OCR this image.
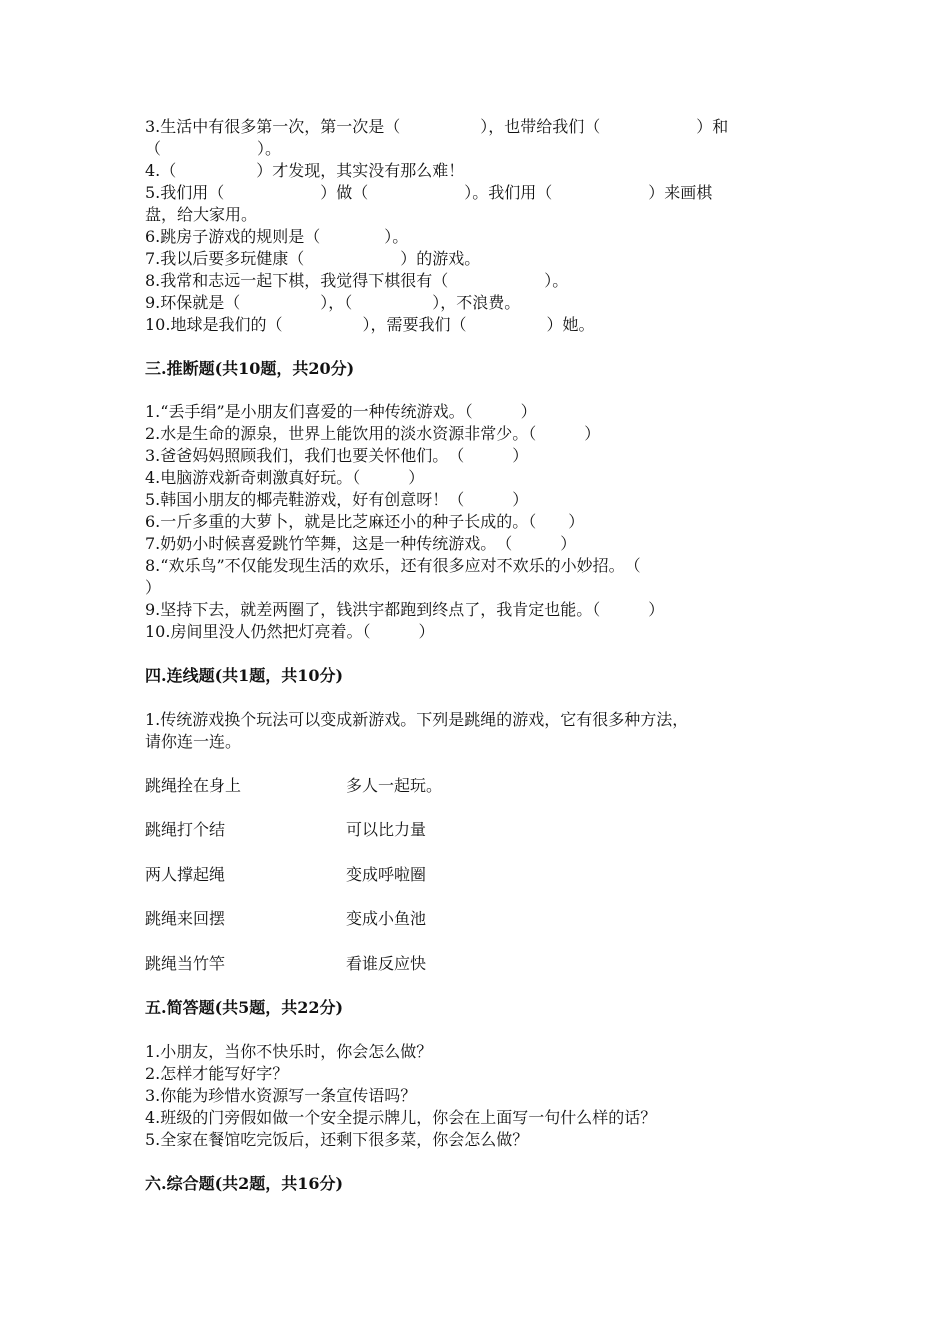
3.生活中有很多第一次，第一次是（　　　　　），也带给我们（　　　　　　）和
（　　　　　　）。
4.（　　　　　）才发现，其实没有那么难！
5.我们用（　　　　　　）做（　　　　　　）。我们用（　　　　　　）来画棋
盘，给大家用。
6.跳房子游戏的规则是（　　　　）。
7.我以后要多玩健康（　　　　　　）的游戏。
8.我常和志远一起下棋，我觉得下棋很有（　　　　　　）。
9.环保就是（　　　　　），（　　　　　），不浪费。
10.地球是我们的（　　　　　），需要我们（　　　　　）她。
三.推断题(共10题，共20分)
1.“丢手绢”是小朋友们喜爱的一种传统游戏。（　　　）
2.水是生命的源泉，世界上能饮用的淡水资源非常少。（　　　）
3.爸爸妈妈照顾我们，我们也要关怀他们。　（　　　）
4.电脑游戏新奇刺激真好玩。（　　　）
5.韩国小朋友的椰壳鞋游戏，好有创意呀！（　　　）
6.一斤多重的大萝卜，就是比芝麻还小的种子长成的。（　　）
7.奶奶小时候喜爱跳竹竿舞，这是一种传统游戏。　（　　　）
8.“欢乐鸟”不仅能发现生活的欢乐，还有很多应对不欢乐的小妙招。　（
）
9.坚持下去，就差两圈了，钱洪宇都跑到终点了，我肯定也能。（　　　）
10.房间里没人仍然把灯亮着。（　　　）
四.连线题(共1题，共10分)
1.传统游戏换个玩法可以变成新游戏。下列是跳绳的游戏，它有很多种方法，
请你连一连。
跳绳拴在身上	多人一起玩。
跳绳打个结	可以比力量
两人撑起绳	变成呼啦圈
跳绳来回摆	变成小鱼池
跳绳当竹竿	看谁反应快
五.简答题(共5题，共22分)
1.小朋友，当你不快乐时，你会怎么做？
2.怎样才能写好字？
3.你能为珍惜水资源写一条宣传语吗？
4.班级的门旁假如做一个安全提示牌儿，你会在上面写一句什么样的话？
5.全家在餐馆吃完饭后，还剩下很多菜，你会怎么做？
六.综合题(共2题，共16分)
